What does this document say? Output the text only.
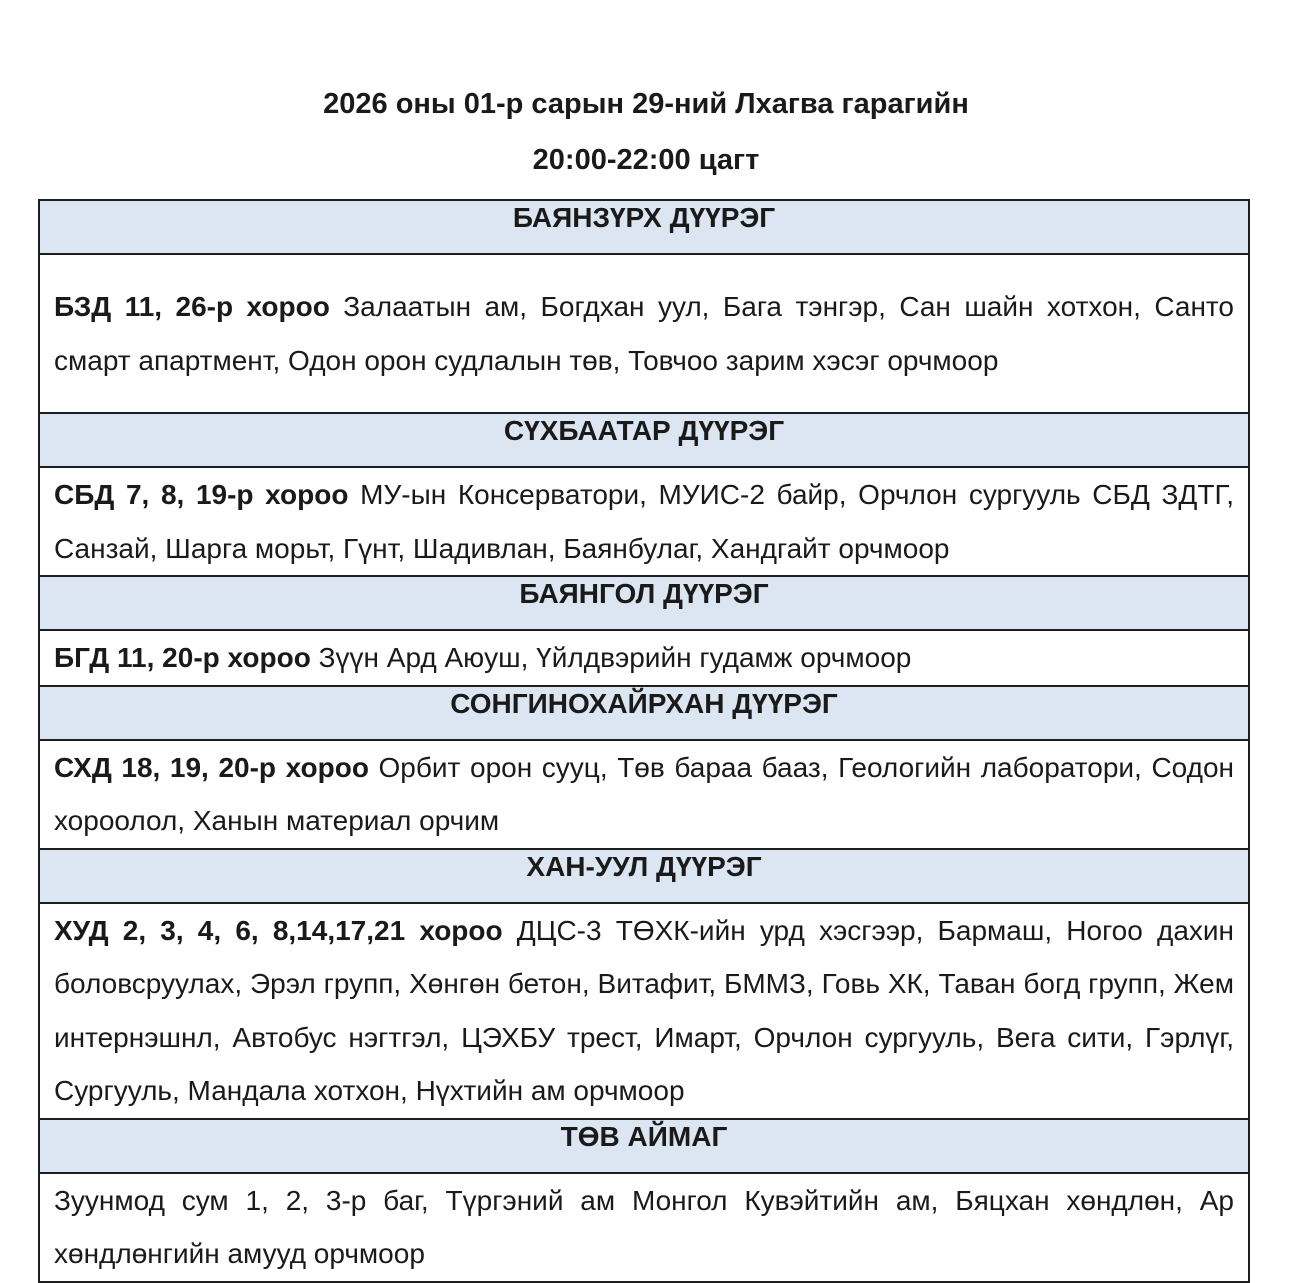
2026 оны 01-р сарын 29-ний Лхагва гарагийн
20:00-22:00 цагт
БАЯНЗҮРХ ДҮҮРЭГ
БЗД 11, 26-р хороо Залаатын ам, Богдхан уул, Бага тэнгэр, Сан шайн хотхон, Санто смарт апартмент, Одон орон судлалын төв, Товчоо зарим хэсэг орчмоор
СҮХБААТАР ДҮҮРЭГ
СБД 7, 8, 19-р хороо МУ-ын Консерватори, МУИС-2 байр, Орчлон сургууль СБД ЗДТГ, Санзай, Шарга морьт, Гүнт, Шадивлан, Баянбулаг, Хандгайт орчмоор
БАЯНГОЛ ДҮҮРЭГ
БГД 11, 20-р хороо Зүүн Ард Аюуш, Үйлдвэрийн гудамж орчмоор
СОНГИНОХАЙРХАН ДҮҮРЭГ
СХД 18, 19, 20-р хороо Орбит орон сууц, Төв бараа бааз, Геологийн лаборатори, Содон хороолол, Ханын материал орчим
ХАН-УУЛ ДҮҮРЭГ
ХУД 2, 3, 4, 6, 8,14,17,21 хороо ДЦС-3 ТӨХК-ийн урд хэсгээр, Бармаш, Ногоо дахин боловсруулах, Эрэл групп, Хөнгөн бетон, Витафит, БММЗ, Говь ХК, Таван богд групп, Жем интернэшнл, Автобус нэгтгэл, ЦЭХБУ трест, Имарт, Орчлон сургууль, Вега сити, Гэрлүг, Сургууль, Мандала хотхон, Нүхтийн ам орчмоор
ТӨВ АЙМАГ
Зуунмод сум 1, 2, 3-р баг, Түргэний ам Монгол Кувэйтийн ам, Бяцхан хөндлөн, Ар хөндлөнгийн амууд орчмоор
